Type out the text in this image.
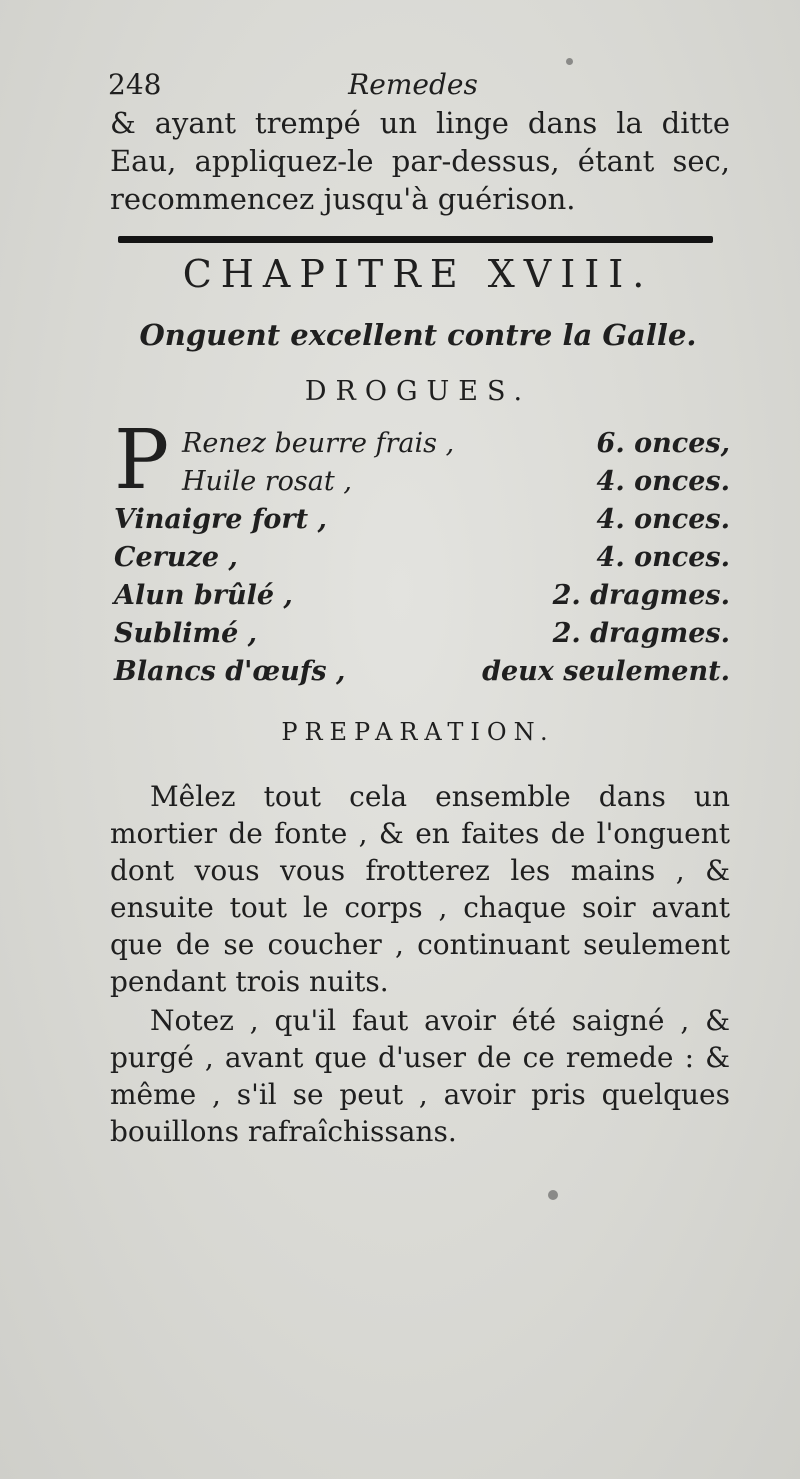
248	Remedes
& ayant trempé un linge dans la ditte Eau, appliquez-le par-dessus, étant sec, recommencez jusqu'à guérison.
CHAPITRE XVIII.
Onguent excellent contre la Galle.
DROGUES.
P Renez beurre frais ,	6. onces,
Huile rosat ,	4. onces.
Vinaigre fort ,	4. onces.
Ceruze ,	4. onces.
Alun brûlé ,	2. dragmes.
Sublimé ,	2. dragmes.
Blancs d'œufs ,	deux seulement.
PREPARATION.

Mêlez tout cela ensemble dans un mortier de fonte , & en faites de l'onguent dont vous vous frotterez les mains , & ensuite tout le corps , chaque soir avant que de se coucher , continuant seulement pendant trois nuits.

Notez , qu'il faut avoir été saigné , & purgé , avant que d'user de ce remede : & même , s'il se peut , avoir pris quelques bouillons rafraîchissans.
